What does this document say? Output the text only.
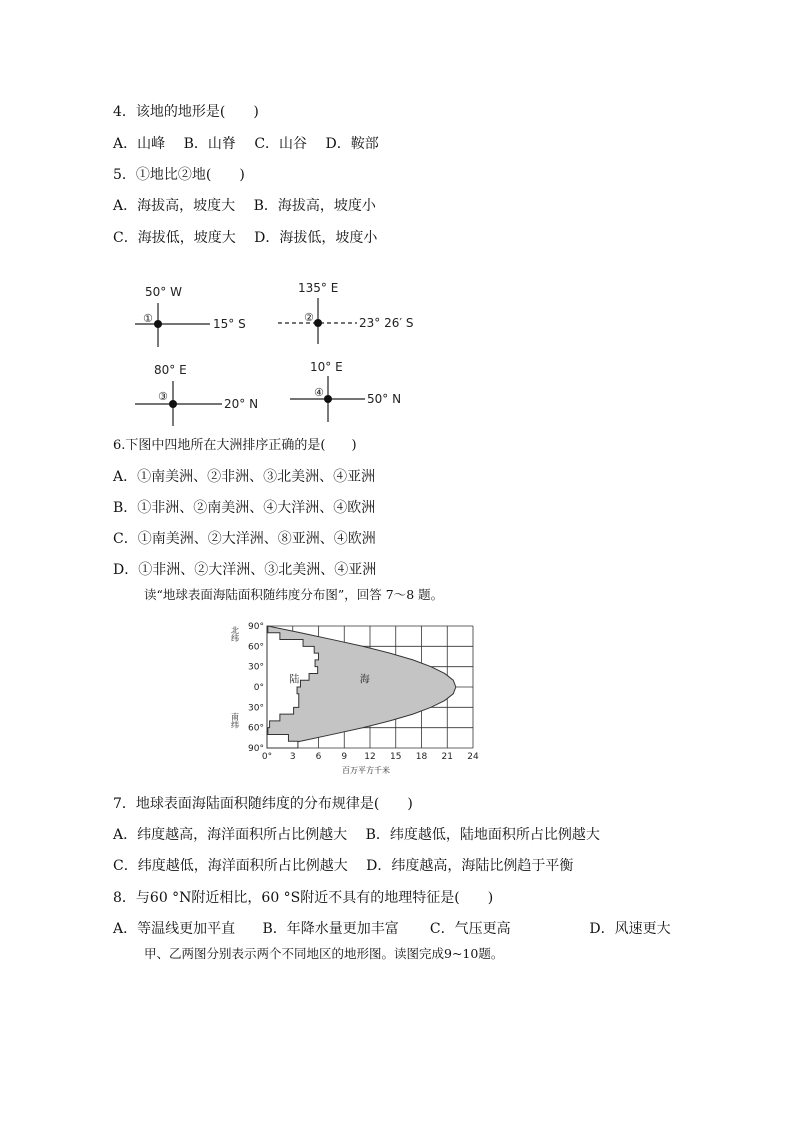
4．该地的地形是(　　)
A．山峰 B．山脊 C．山谷 D．鞍部
5．①地比②地(　　)
A．海拔高，坡度大 B．海拔高，坡度小
C．海拔低，坡度大 D．海拔低，坡度小
50° W
①	15° S
135° E
②	23° 26′ S
80° E
③
20° N
10° E
④	50° N
6.下图中四地所在大洲排序正确的是(　　)
A．①南美洲、②非洲、③北美洲、④亚洲
B．①非洲、②南美洲、④大洋洲、④欧洲
C．①南美洲、②大洋洲、⑧亚洲、④欧洲
D．①非洲、②大洋洲、③北美洲、④亚洲
读“地球表面海陆面积随纬度分布图”，回答 7～8 题。
0° 3 6 9 12 15 18 21 24
90°
60°
30°
0°
30°
60°
90°
陆	海
百万平方千米
北
纬
南
纬
7．地球表面海陆面积随纬度的分布规律是(　　)
A．纬度越高，海洋面积所占比例越大 B．纬度越低，陆地面积所占比例越大
C．纬度越低，海洋面积所占比例越大 D．纬度越高，海陆比例趋于平衡
8．与60 °N附近相比，60 °S附近不具有的地理特征是(　　)
A．等温线更加平直 B．年降水量更加丰富 C．气压更高	D．风速更大
甲、乙两图分别表示两个不同地区的地形图。读图完成9~10题。
